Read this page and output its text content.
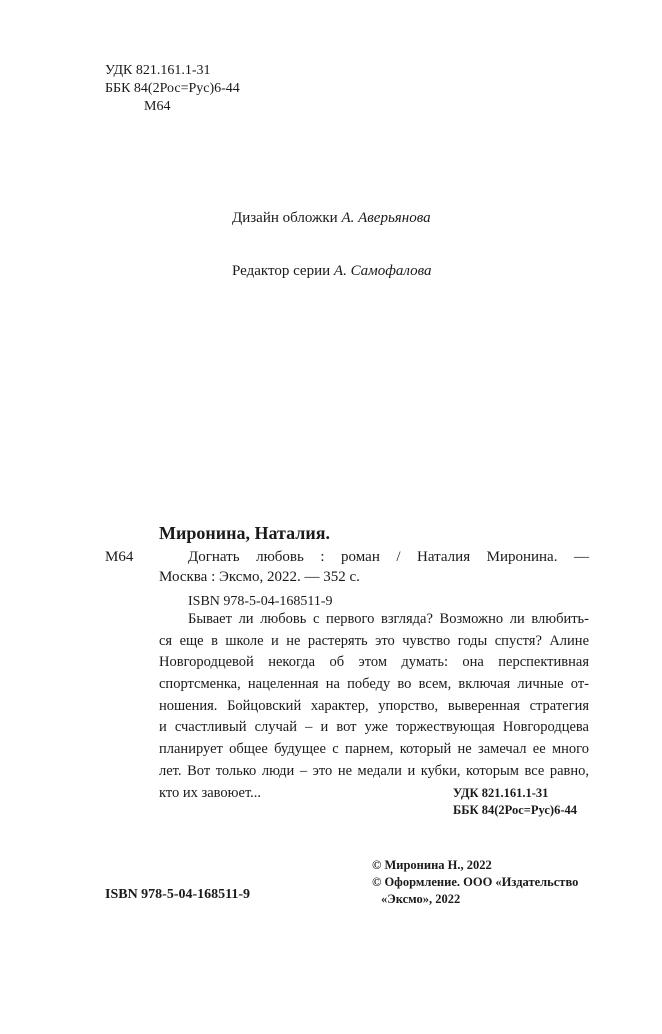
УДК 821.161.1-31
ББК 84(2Рос=Рус)6-44
М64
Дизайн обложки А. Аверьянова
Редактор серии А. Самофалова
Миронина, Наталия.
М64	Догнать любовь : роман / Наталия Миронина. —
Москва : Эксмо, 2022. — 352 с.
ISBN 978-5-04-168511-9
Бывает ли любовь с первого взгляда? Возможно ли влюбить-
ся еще в школе и не растерять это чувство годы спустя? Алине
Новгородцевой некогда об этом думать: она перспективная
спортсменка, нацеленная на победу во всем, включая личные от-
ношения. Бойцовский характер, упорство, выверенная стратегия
и счастливый случай – и вот уже торжествующая Новгородцева
планирует общее будущее с парнем, который не замечал ее много
лет. Вот только люди – это не медали и кубки, которым все равно,
кто их завоюет...	УДК 821.161.1-31
ББК 84(2Рос=Рус)6-44
ISBN 978-5-04-168511-9
© Миронина Н., 2022
© Оформление. ООО «Издательство
«Эксмо», 2022
